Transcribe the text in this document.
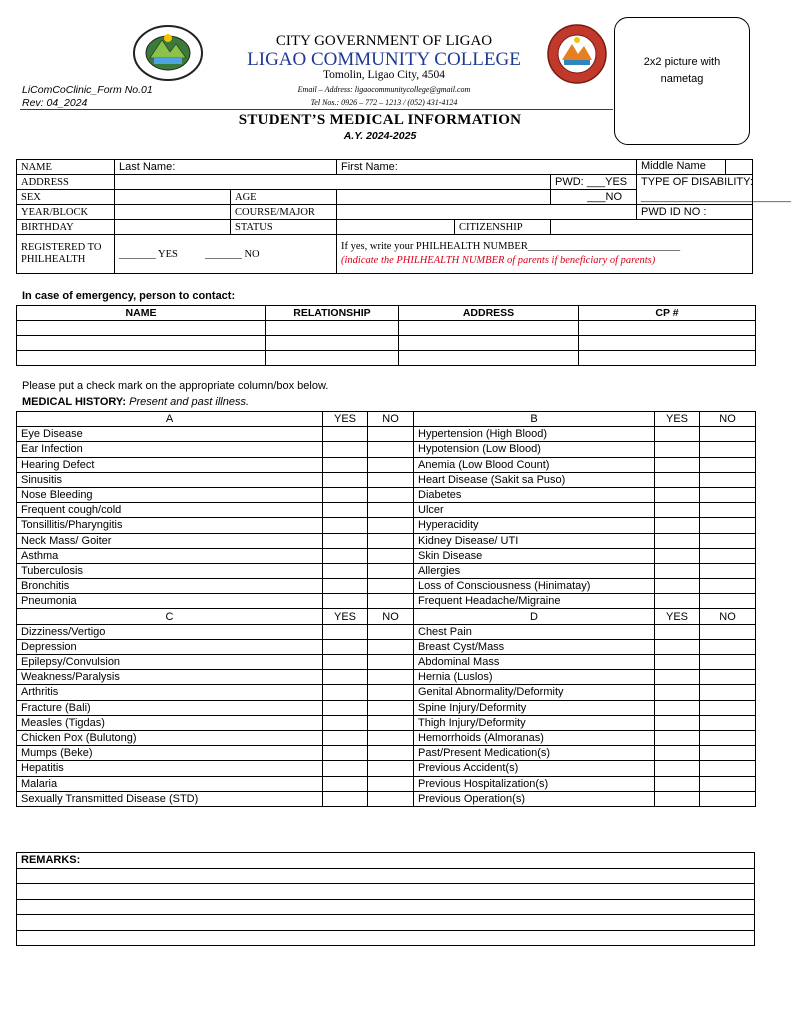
CITY GOVERNMENT OF LIGAO
LIGAO COMMUNITY COLLEGE
Tomolin, Ligao City, 4504
Email – Address: ligaocommunitycollege@gmail.com
Tel Nos.: 0926 – 772 – 1213 / (052) 431-4124
LiComCoClinic_Form No.01
Rev: 04_2024
2x2 picture with nametag
STUDENT’S MEDICAL INFORMATION
A.Y. 2024-2025
NAME	Last Name:		First Name:			Middle Name

ADDRESS					PWD: ___YES	TYPE OF DISABILITY:
SEX		AGE			___NO	______________________________
YEAR/BLOCK		COURSE/MAJOR				PWD ID NO :
BIRTHDAY		STATUS		CITIZENSHIP		
REGISTERED TO PHILHEALTH	_______ YES _______ NO		If yes, write your PHILHEALTH NUMBER_____________________________
(indicate the PHILHEALTH NUMBER of parents if beneficiary of parents)			
In case of emergency, person to contact:
NAME	RELATIONSHIP	ADDRESS	CP #

Please put a check mark on the appropriate column/box below.
MEDICAL HISTORY: Present and past illness.
A	YES	NO	B	YES	NO
Eye Disease			Hypertension (High Blood)		
Ear Infection			Hypotension (Low Blood)		
Hearing Defect			Anemia (Low Blood Count)		
Sinusitis			Heart Disease (Sakit sa Puso)		
Nose Bleeding			Diabetes		
Frequent cough/cold			Ulcer		
Tonsillitis/Pharyngitis			Hyperacidity		
Neck Mass/ Goiter			Kidney Disease/ UTI		
Asthma			Skin Disease		
Tuberculosis			Allergies		
Bronchitis			Loss of Consciousness (Hinimatay)		
Pneumonia			Frequent Headache/Migraine		
C	YES	NO	D	YES	NO
Dizziness/Vertigo			Chest Pain		
Depression			Breast Cyst/Mass		
Epilepsy/Convulsion			Abdominal Mass		
Weakness/Paralysis			Hernia (Luslos)		
Arthritis			Genital Abnormality/Deformity		
Fracture (Bali)			Spine Injury/Deformity		
Measles (Tigdas)			Thigh Injury/Deformity		
Chicken Pox (Bulutong)			Hemorrhoids (Almoranas)		
Mumps (Beke)			Past/Present Medication(s)		
Hepatitis			Previous Accident(s)		
Malaria			Previous Hospitalization(s)		
Sexually Transmitted Disease (STD)			Previous Operation(s)		
REMARKS:
